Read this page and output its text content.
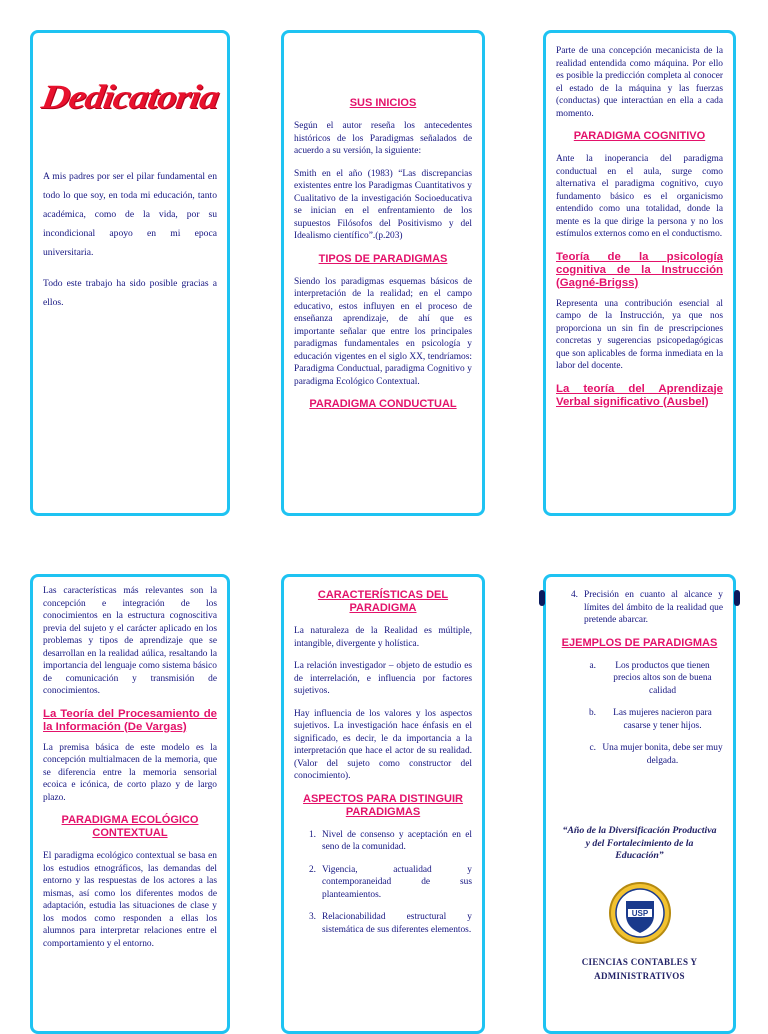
Dedicatoria

A mis padres por ser el pilar fundamental en todo lo que soy, en toda mi educación, tanto académica, como de la vida, por su incondicional apoyo en mi epoca universitaria.

Todo este trabajo ha sido posible gracias a ellos.

SUS INICIOS

Según el autor reseña los antecedentes históricos de los Paradigmas señalados de acuerdo a su versión, la siguiente:

Smith en el año (1983) “Las discrepancias existentes entre los Paradigmas Cuantitativos y Cualitativo de la investigación Socioeducativa se inician en el enfrentamiento de los supuestos Filósofos del Positivismo y del Idealismo científico”.(p.203)

TIPOS DE PARADIGMAS

Siendo los paradigmas esquemas básicos de interpretación de la realidad; en el campo educativo, estos influyen en el proceso de enseñanza aprendizaje, de ahí que es importante señalar que entre los principales paradigmas fundamentales en psicología y educación vigentes en el siglo XX, tendríamos: Paradigma Conductual, paradigma Cognitivo y paradigma Ecológico Contextual.

PARADIGMA CONDUCTUAL

Parte de una concepción mecanicista de la realidad entendida como máquina. Por ello es posible la predicción completa al conocer el estado de la máquina y las fuerzas (conductas) que interactúan en ella a cada momento.

PARADIGMA COGNITIVO

Ante la inoperancia del paradigma conductual en el aula, surge como alternativa el paradigma cognitivo, cuyo fundamento básico es el organicismo entendido como una totalidad, donde la mente es la que dirige la persona y no los estímulos externos como en el conductismo.

Teoría de la psicología cognitiva de la Instrucción (Gagné-Brigss)

Representa una contribución esencial al campo de la Instrucción, ya que nos proporciona un sin fin de prescripciones concretas y sugerencias psicopedagógicas que son aplicables de forma inmediata en la labor del docente.

La teoría del Aprendizaje Verbal significativo (Ausbel)

Las características más relevantes son la concepción e integración de los conocimientos en la estructura cognoscitiva previa del sujeto y el carácter aplicado en los problemas y tipos de aprendizaje que se desarrollan en la realidad aúlica, resaltando la importancia del lenguaje como sistema básico de comunicación y transmisión de conocimientos.

La Teoría del Procesamiento de la Información (De Vargas)

La premisa básica de este modelo es la concepción multialmacen de la memoria, que se diferencia entre la memoria sensorial ecoica e icónica, de corto plazo y de largo plazo.

PARADIGMA ECOLÓGICO CONTEXTUAL

El paradigma ecológico contextual se basa en los estudios etnográficos, las demandas del entorno y las respuestas de los actores a las mismas, así como los diferentes modos de adaptación, estudia las situaciones de clase y los modos como responden a ellas los alumnos para interpretar relaciones entre el comportamiento y el entorno.

CARACTERÍSTICAS DEL PARADIGMA

La naturaleza de la Realidad es múltiple, intangible, divergente y holística.

La relación investigador – objeto de estudio es de interrelación, e influencia por factores sujetivos.

Hay influencia de los valores y los aspectos sujetivos. La investigación hace énfasis en el significado, es decir, le da importancia a la interpretación que hace el actor de su realidad. (Valor del sujeto como constructor del conocimiento).

ASPECTOS PARA DISTINGUIR PARADIGMAS
1. Nivel de consenso y aceptación en el seno de la comunidad.
2. Vigencia, actualidad y contemporaneidad de sus planteamientos.
3. Relacionabilidad estructural y sistemática de sus diferentes elementos.
4. Precisión en cuanto al alcance y límites del ámbito de la realidad que pretende abarcar.
EJEMPLOS DE PARADIGMAS
a.	Los productos que tienen precios altos son de buena calidad
b.	Las mujeres nacieron para casarse y tener hijos.
c. Una mujer bonita, debe ser muy delgada.
“Año de la Diversificación Productiva y del Fortalecimiento de la Educación”
USP
CIENCIAS CONTABLES Y
ADMINISTRATIVOS
